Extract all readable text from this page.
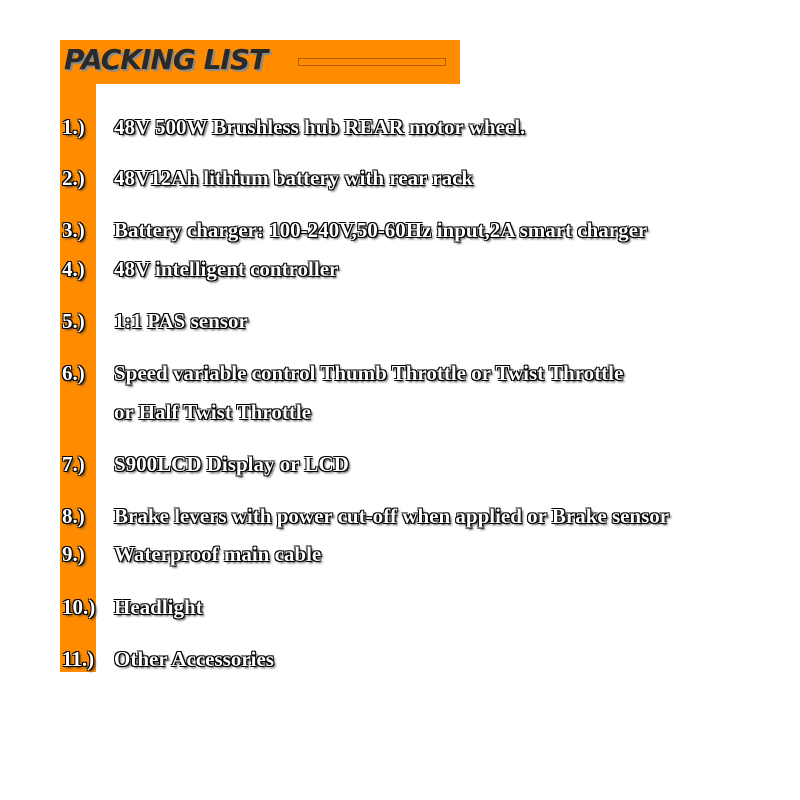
PACKING LIST
1.) 48V 500W Brushless hub REAR motor wheel.
2.) 48V12Ah lithium battery with rear rack
3.) Battery charger: 100-240V,50-60Hz input,2A smart charger
4.) 48V intelligent controller
5.) 1:1 PAS sensor
6.) Speed variable control Thumb Throttle or Twist Throttle
or Half Twist Throttle
7.) S900LCD Display or LCD
8.) Brake levers with power cut-off when applied or Brake sensor
9.) Waterproof main cable
10.) Headlight
11.) Other Accessories
